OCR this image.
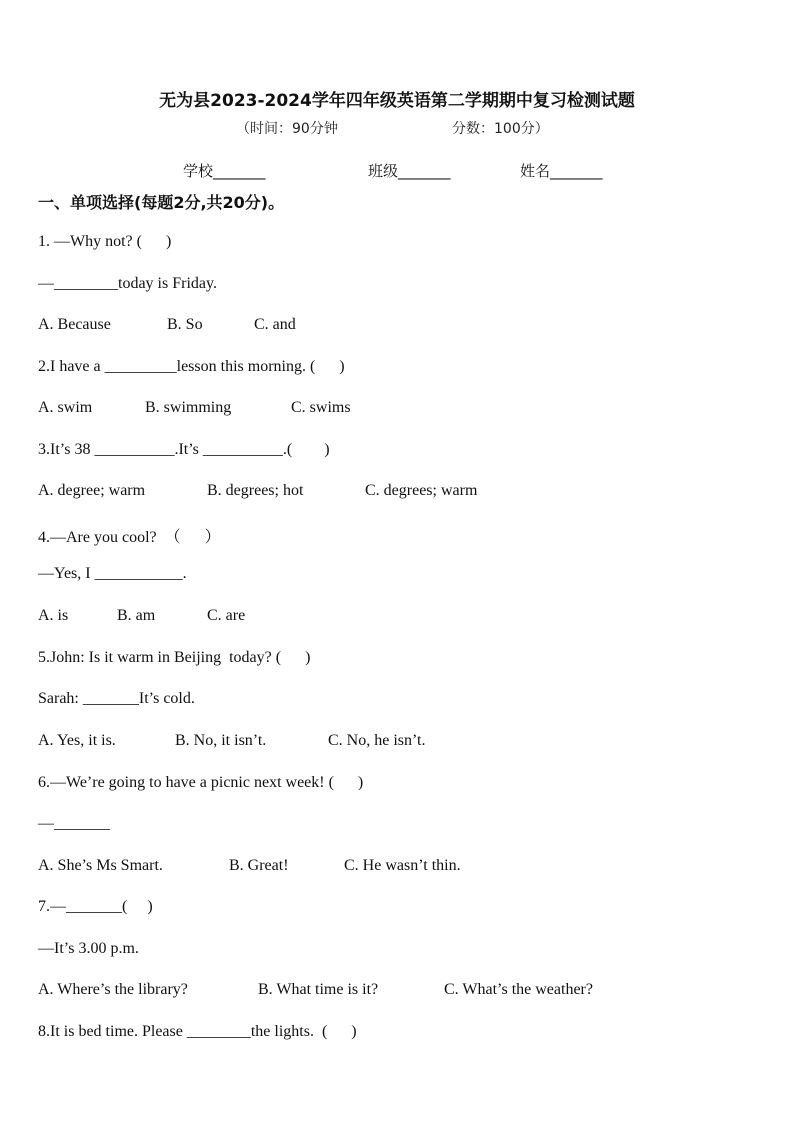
无为县2023-2024学年四年级英语第二学期期中复习检测试题
（时间：90分钟	分数：100分）
学校_______	班级_______	姓名_______
一、单项选择(每题2分,共20分)。
1. —Why not? (      )
—________today is Friday.
A. Because	B. So	C. and
2.I have a _________lesson this morning. (      )
A. swim	B. swimming	C. swims
3.It’s 38 __________.It’s __________.(        )
A. degree; warm	B. degrees; hot	C. degrees; warm
4.—Are you cool?  （      ）
—Yes, I ___________.
A. is	B. am	C. are
5.John: Is it warm in Beijing  today? (      )
Sarah: _______It’s cold.
A. Yes, it is.	B. No, it isn’t.	C. No, he isn’t.
6.—We’re going to have a picnic next week! (      )
—_______
A. She’s Ms Smart.	B. Great!	C. He wasn’t thin.
7.—_______(     )
—It’s 3.00 p.m.
A. Where’s the library?	B. What time is it?	C. What’s the weather?
8.It is bed time. Please ________the lights.  (      )
